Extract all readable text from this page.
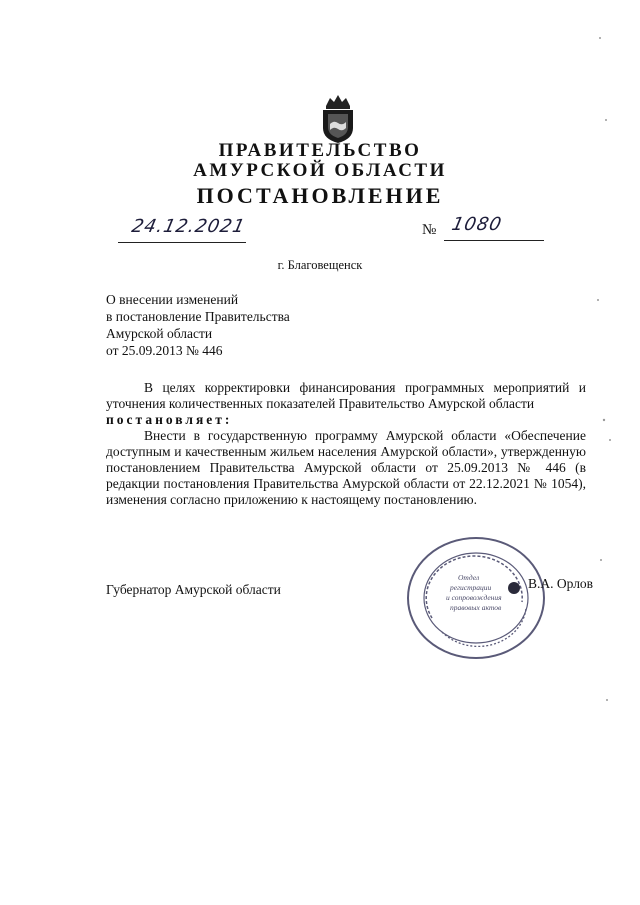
ПРАВИТЕЛЬСТВО
АМУРСКОЙ ОБЛАСТИ
ПОСТАНОВЛЕНИЕ
24.12.2021	№ 1080
г. Благовещенск
О внесении изменений
в постановление Правительства
Амурской области
от 25.09.2013 № 446

В целях корректировки финансирования программных мероприятий и уточнения количественных показателей Правительство Амурской области

постановляет:

Внести в государственную программу Амурской области «Обеспечение доступным и качественным жильем населения Амурской области», утвержденную постановлением Правительства Амурской области от 25.09.2013 № 446 (в редакции постановления Правительства Амурской области от 22.12.2021 № 1054), изменения согласно приложению к настоящему постановлению.

Губернатор Амурской области
Отдел
регистрации
и сопровождения
правовых актов
В.А. Орлов
